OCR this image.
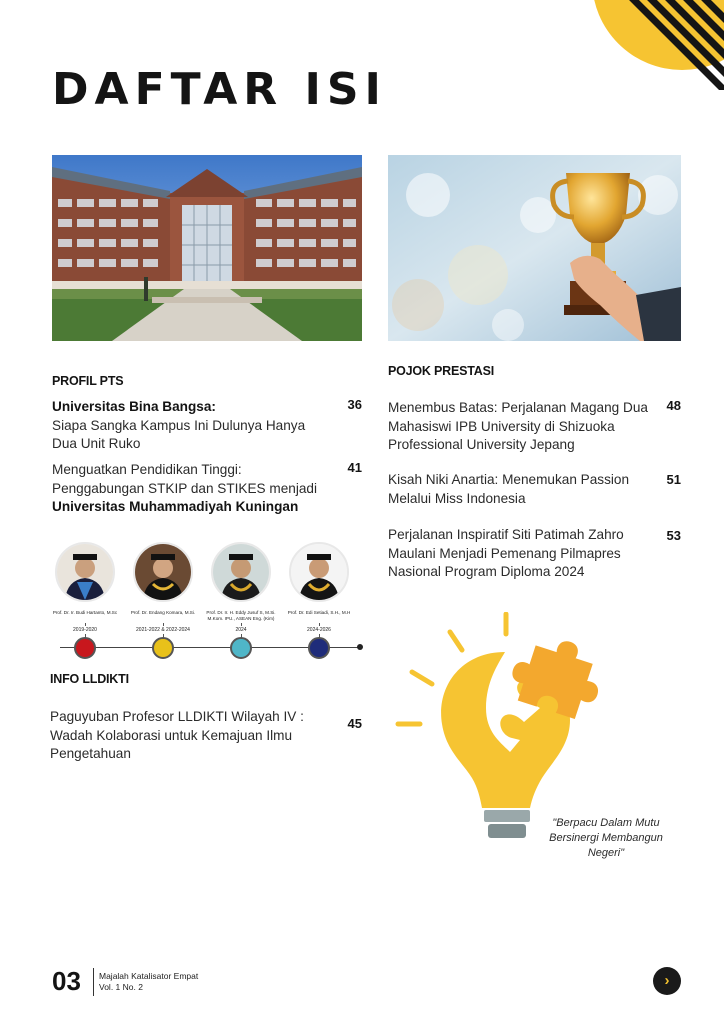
DAFTAR ISI
PROFIL PTS
Universitas Bina Bangsa:
Siapa Sangka Kampus Ini Dulunya Hanya Dua Unit Ruko
36
Menguatkan Pendidikan Tinggi: Penggabungan STKIP dan STIKES menjadi
Universitas Muhammadiyah Kuningan
41
Prof. Dr. Ir. Budi Hartanto, M.Sc
2019-2020
Prof. Dr. Endang Komara, M.Si.
2021-2022 & 2022-2024
Prof. Dr. Ir. H. Eddy Jusuf S, M.Si. M.Kom. IPU., ASEAN Eng. (Kim)
2024
Prof. Dr. Edi Setiadi, S.H., M.H
2024-2026
INFO LLDIKTI
Paguyuban Profesor LLDIKTI Wilayah IV : Wadah Kolaborasi untuk Kemajuan Ilmu Pengetahuan
45
POJOK PRESTASI
Menembus Batas: Perjalanan Magang Dua Mahasiswi IPB University di Shizuoka Professional University Jepang
48
Kisah Niki Anartia: Menemukan Passion Melalui Miss Indonesia
51
Perjalanan Inspiratif Siti Patimah Zahro Maulani Menjadi Pemenang Pilmapres Nasional Program Diploma 2024
53
"Berpacu Dalam Mutu Bersinergi Membangun Negeri"
03 Majalah Katalisator Empat
Vol. 1 No. 2	›
